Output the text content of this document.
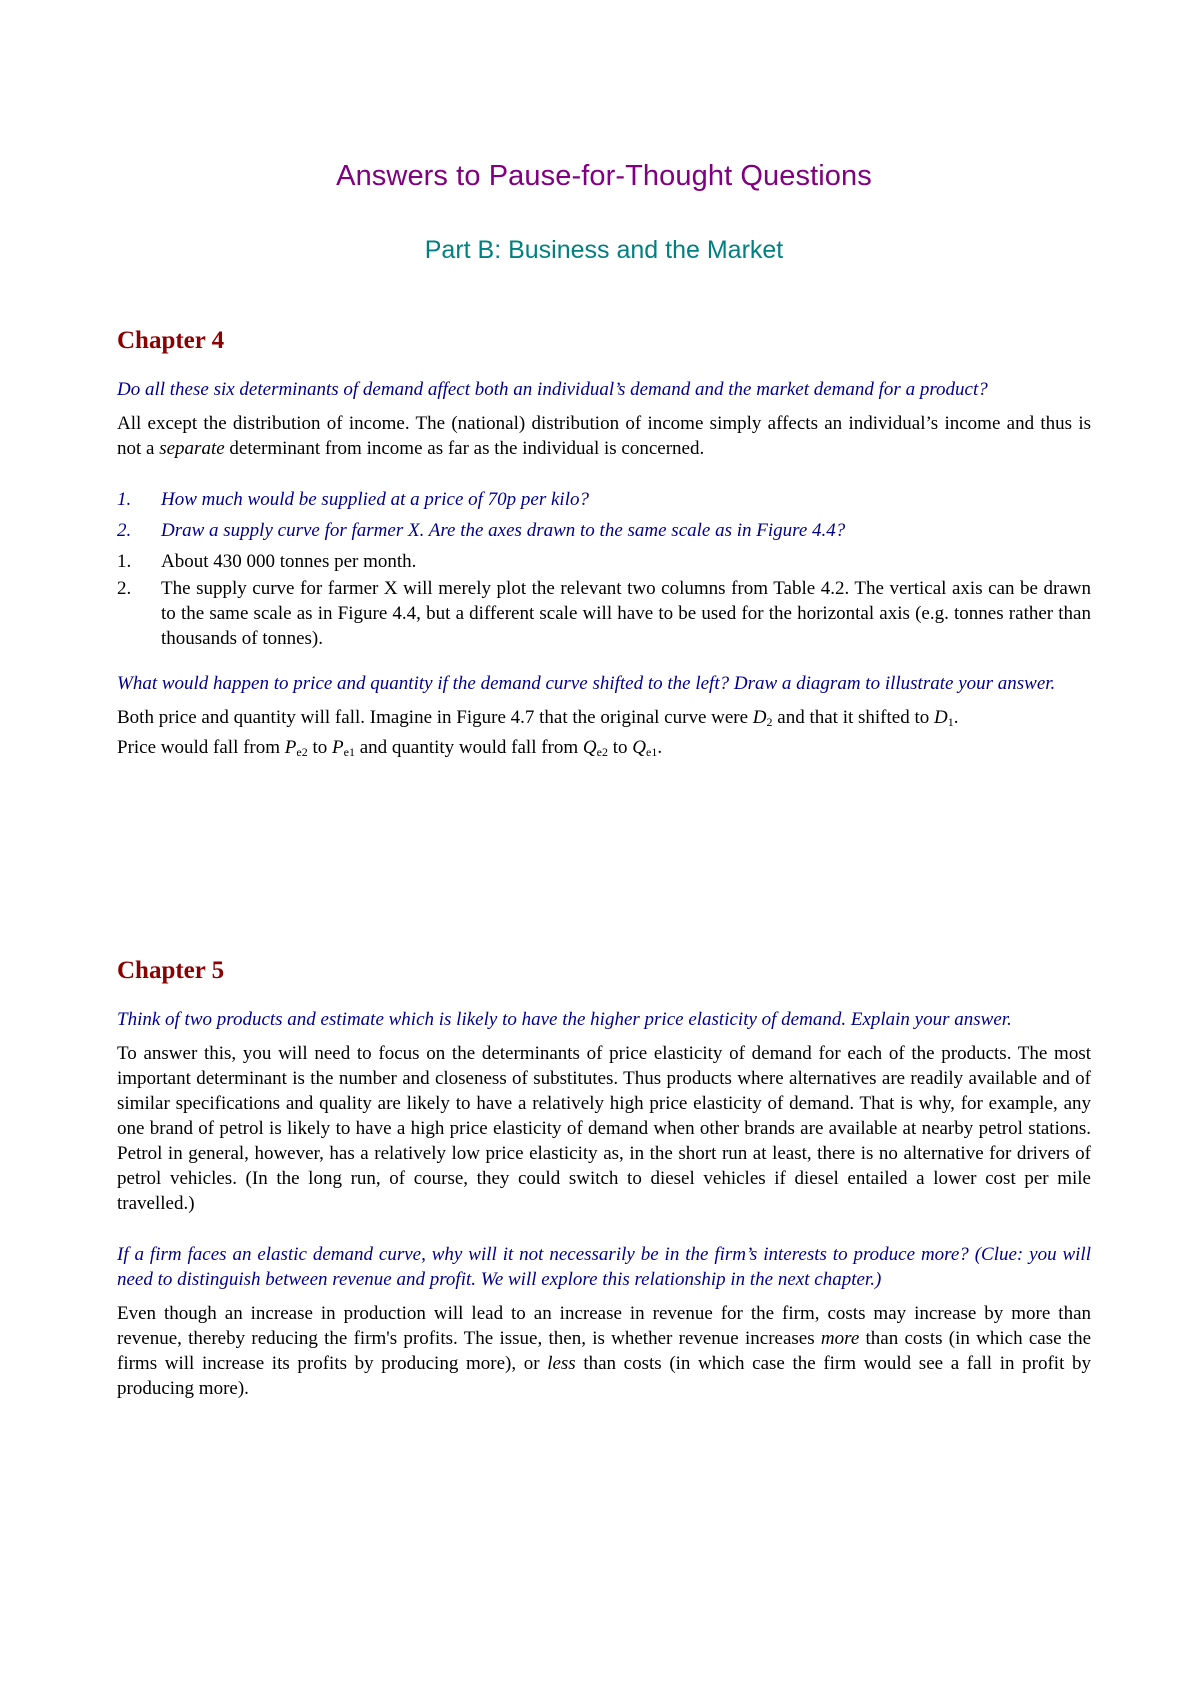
Answers to Pause-for-Thought Questions
Part B: Business and the Market
Chapter 4

Do all these six determinants of demand affect both an individual’s demand and the market demand for a product?

All except the distribution of income. The (national) distribution of income simply affects an individual’s income and thus is not a separate determinant from income as far as the individual is concerned.

1. How much would be supplied at a price of 70p per kilo?
2. Draw a supply curve for farmer X. Are the axes drawn to the same scale as in Figure 4.4?
1. About 430 000 tonnes per month.
2. The supply curve for farmer X will merely plot the relevant two columns from Table 4.2. The vertical axis can be drawn to the same scale as in Figure 4.4, but a different scale will have to be used for the horizontal axis (e.g. tonnes rather than thousands of tonnes).

What would happen to price and quantity if the demand curve shifted to the left? Draw a diagram to illustrate your answer.

Both price and quantity will fall. Imagine in Figure 4.7 that the original curve were $D_2$ and that it shifted to $D_1$.
Price would fall from $P_{e2}$ to $P_{e1}$ and quantity would fall from $Q_{e2}$ to $Q_{e1}$.

Chapter 5

Think of two products and estimate which is likely to have the higher price elasticity of demand. Explain your answer.

To answer this, you will need to focus on the determinants of price elasticity of demand for each of the products. The most important determinant is the number and closeness of substitutes. Thus products where alternatives are readily available and of similar specifications and quality are likely to have a relatively high price elasticity of demand. That is why, for example, any one brand of petrol is likely to have a high price elasticity of demand when other brands are available at nearby petrol stations. Petrol in general, however, has a relatively low price elasticity as, in the short run at least, there is no alternative for drivers of petrol vehicles. (In the long run, of course, they could switch to diesel vehicles if diesel entailed a lower cost per mile travelled.)

If a firm faces an elastic demand curve, why will it not necessarily be in the firm’s interests to produce more? (Clue: you will need to distinguish between revenue and profit. We will explore this relationship in the next chapter.)

Even though an increase in production will lead to an increase in revenue for the firm, costs may increase by more than revenue, thereby reducing the firm's profits. The issue, then, is whether revenue increases more than costs (in which case the firms will increase its profits by producing more), or less than costs (in which case the firm would see a fall in profit by producing more).
